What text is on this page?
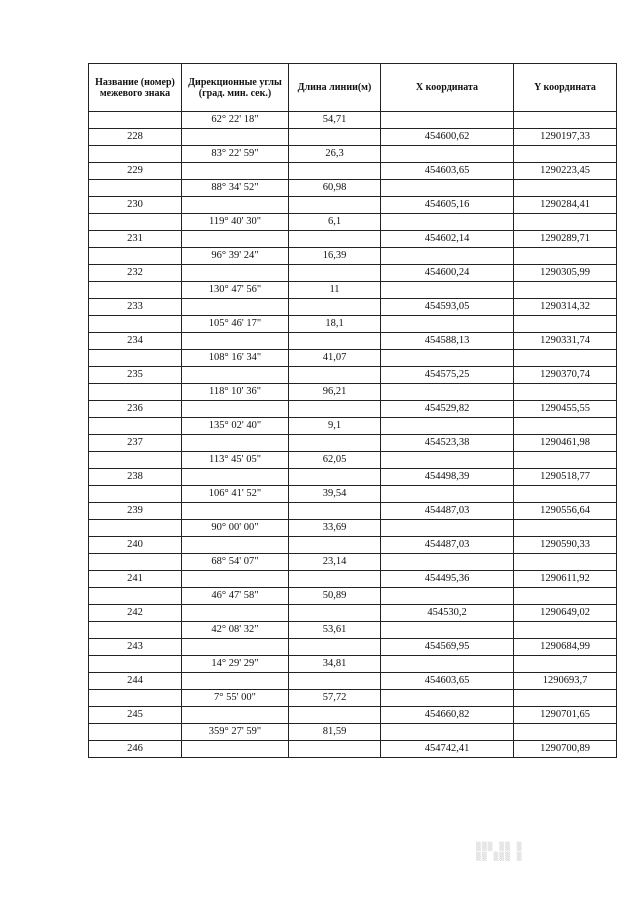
Название (номер) межевого знака	Дирекционные углы (град. мин. сек.)	Длина линии(м)	X координата	Y координата
	62° 22' 18"	54,71		
228			454600,62	1290197,33
	83° 22' 59"	26,3		
229			454603,65	1290223,45
	88° 34' 52"	60,98		
230			454605,16	1290284,41
	119° 40' 30"	6,1		
231			454602,14	1290289,71
	96° 39' 24"	16,39		
232			454600,24	1290305,99
	130° 47' 56"	11		
233			454593,05	1290314,32
	105° 46' 17"	18,1		
234			454588,13	1290331,74
	108° 16' 34"	41,07		
235			454575,25	1290370,74
	118° 10' 36"	96,21		
236			454529,82	1290455,55
	135° 02' 40"	9,1		
237			454523,38	1290461,98
	113° 45' 05"	62,05		
238			454498,39	1290518,77
	106° 41' 52"	39,54		
239			454487,03	1290556,64
	90° 00' 00"	33,69		
240			454487,03	1290590,33
	68° 54' 07"	23,14		
241			454495,36	1290611,92
	46° 47' 58"	50,89		
242			454530,2	1290649,02
	42° 08' 32"	53,61		
243			454569,95	1290684,99
	14° 29' 29"	34,81		
244			454603,65	1290693,7
	7° 55' 00"	57,72		
245			454660,82	1290701,65
	359° 27' 59"	81,59		
246			454742,41	1290700,89
▒▒▒ ▒▒ ▒
▒▒ ▒▒▒ ▒
